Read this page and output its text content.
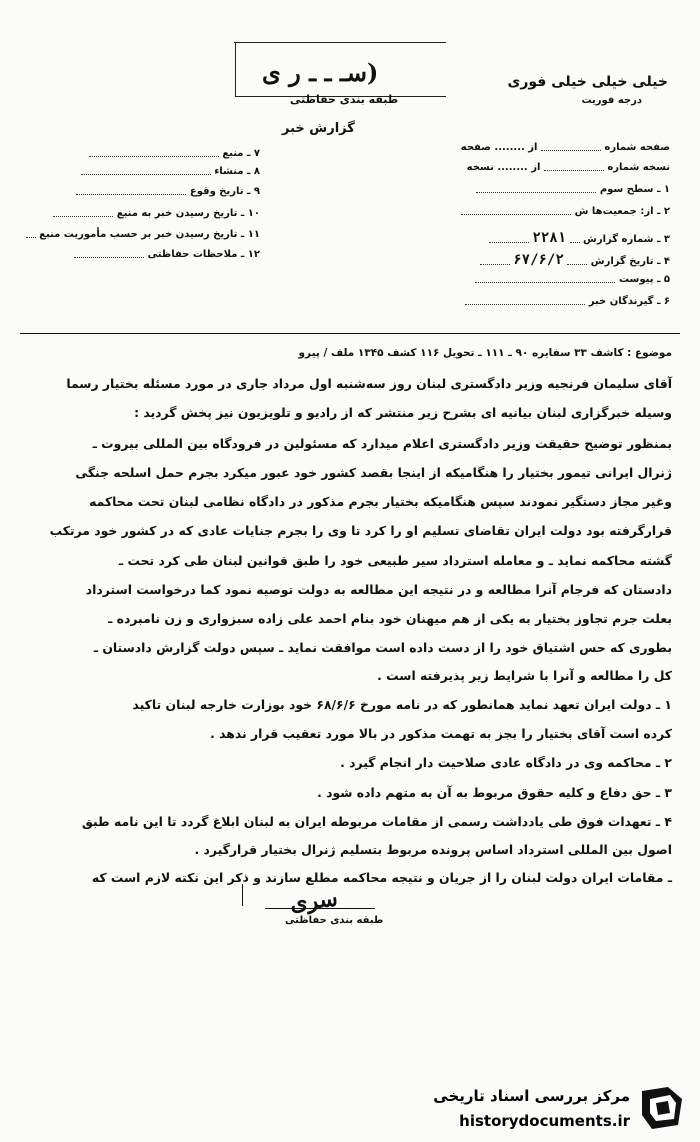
سـ ـ ـ ر ى)
طبقه بندی حفاظتی
خیلی خیلی خیلی فوری
درجه فوریت
گزارش خبر
صفحه شماره  از ........ صفحه
نسخه شماره  از ........ نسخه
۱ ـ سطح سوم
۲ ـ از: جمعیت‌ها ش
۳ ـ شماره گزارش  ۲۲۸۱
۴ ـ تاریخ گزارش  ۶۷/۶/۲
۵ ـ پیوست
۶ ـ گیرندگان خبر
۷ ـ منبع
۸ ـ منشاء
۹ ـ تاریخ وقوع
۱۰ ـ تاریخ رسیدن خبر به منبع
۱۱ ـ تاریخ رسیدن خبر بر حسب مأموریت منبع
۱۲ ـ ملاحظات حفاظتی
موضوع : کاشف ۳۳ سفایره ۹۰ ـ ۱۱۱ ـ تحویل ۱۱۶ کشف ۱۳۴۵ ملف / پیرو
آقای سلیمان فرنجیه وزیر دادگستری لبنان روز سه‌شنبه اول مرداد جاری در مورد مسئله بختیار رسما
وسیله خبرگزاری لبنان بیانیه ای بشرح زیر منتشر که از رادیو و تلویزیون نیز پخش گردید :
بمنظور توضیح حقیقت وزیر دادگستری اعلام میدارد که مسئولین در فرودگاه بین المللی بیروت ـ
ژنرال ایرانی تیمور بختیار را هنگامیکه از اینجا بقصد کشور خود عبور میکرد بجرم حمل اسلحه جنگی
وغیر مجاز دستگیر نمودند سپس هنگامیکه بختیار بجرم مذکور در دادگاه نظامی لبنان تحت محاکمه
قرارگرفته بود دولت ایران تقاضای تسلیم او را کرد تا وی را بجرم جنایات عادی که در کشور خود مرتکب
گشته محاکمه نماید ـ و معامله استرداد سیر طبیعی خود را طبق قوانین لبنان طی کرد تحت ـ
دادستان که فرجام آنرا مطالعه و در نتیجه این مطالعه به دولت توصیه نمود کما درخواست استرداد
بعلت جرم تجاوز بختیار به یکی از هم میهنان خود بنام احمد علی زاده سبزواری و زن نامبرده ـ
بطوری که حس اشتیاق خود را از دست داده است موافقت نماید ـ سپس دولت گزارش دادستان ـ
کل را مطالعه و آنرا با شرایط زیر پذیرفته است .
۱ ـ دولت ایران تعهد نماید همانطور که در نامه مورخ ۶۸/۶/۶ خود بوزارت خارجه لبنان تاکید
کرده است آقای بختیار را بجز به تهمت مذکور در بالا مورد تعقیب قرار ندهد .
۲ ـ محاکمه وی در دادگاه عادی صلاحیت دار انجام گیرد .
۳ ـ حق دفاع و کلیه حقوق مربوط به آن به متهم داده شود .
۴ ـ تعهدات فوق طی یادداشت رسمی از مقامات مربوطه ایران به لبنان ابلاغ گردد تا این نامه طبق
اصول بین المللی استرداد اساس پرونده مربوط بتسلیم ژنرال بختیار قرارگیرد .
ـ مقامات ایران دولت لبنان را از جریان و نتیجه محاکمه مطلع سازند و ذکر این نکته لازم است که
سری
طبقه بندی حفاظتی
مرکز بررسی اسناد تاریخی
historydocuments.ir
